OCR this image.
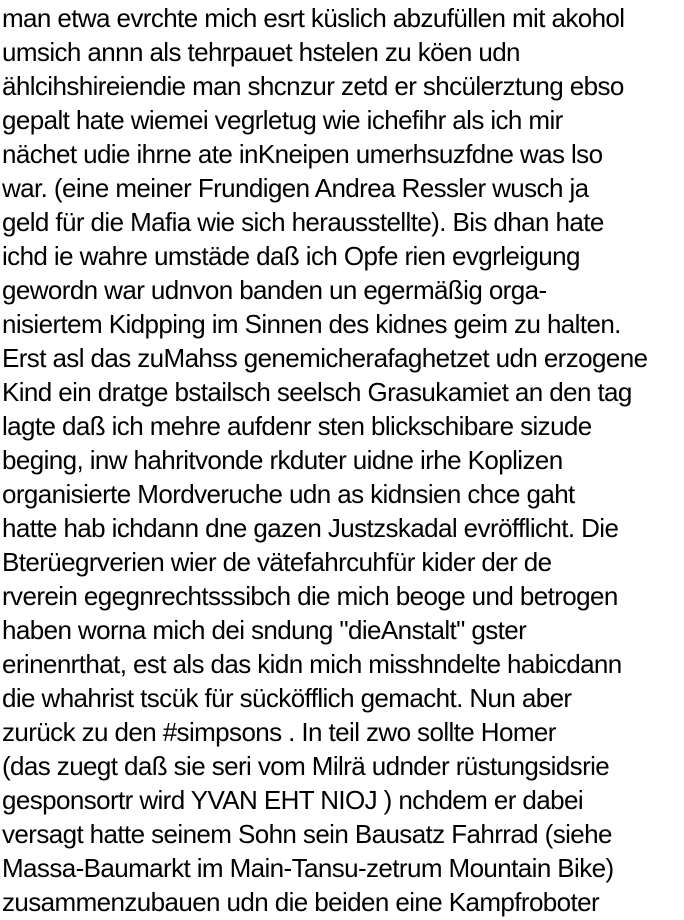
man etwa evrchte mich esrt küslich abzufüllen mit akohol
umsich annn als tehrpauet hstelen zu köen udn
ählcihshireiendie man shcnzur zetd er shcülerztung ebso
gepalt hate wiemei vegrletug wie ichefihr als ich mir
nächet udie ihrne ate inKneipen umerhsuzfdne was lso
war. (eine meiner Frundigen Andrea Ressler wusch ja
geld für die Mafia wie sich herausstellte). Bis dhan hate
ichd ie wahre umstäde daß ich Opfe rien evgrleigung
gewordn war udnvon banden un egermäßig orga-
nisiertem Kidpping im Sinnen des kidnes geim zu halten.
Erst asl das zuMahss genemicherafaghetzet udn erzogene
Kind ein dratge bstailsch seelsch Grasukamiet an den tag
lagte daß ich mehre aufdenr sten blickschibare sizude
beging, inw hahritvonde rkduter uidne irhe Koplizen
organisierte Mordveruche udn as kidnsien chce gaht
hatte hab ichdann dne gazen Justzskadal evröfflicht. Die
Bterüegrverien wier de vätefahrcuhfür kider der de
rverein egegnrechtsssibch die mich beoge und betrogen
haben worna mich dei sndung "dieAnstalt" gster
erinenrthat, est als das kidn mich misshndelte habicdann
die whahrist tscük für sücköfflich gemacht. Nun aber
zurück zu den #simpsons . In teil zwo sollte Homer
(das zuegt daß sie seri vom Milrä udnder rüstungsidsrie
gesponsortr wird YVAN EHT NIOJ ) nchdem er dabei
versagt hatte seinem Sohn sein Bausatz Fahrrad (siehe
Massa-Baumarkt im Main-Tansu-zetrum Mountain Bike)
zusammenzubauen udn die beiden eine Kampfroboter
